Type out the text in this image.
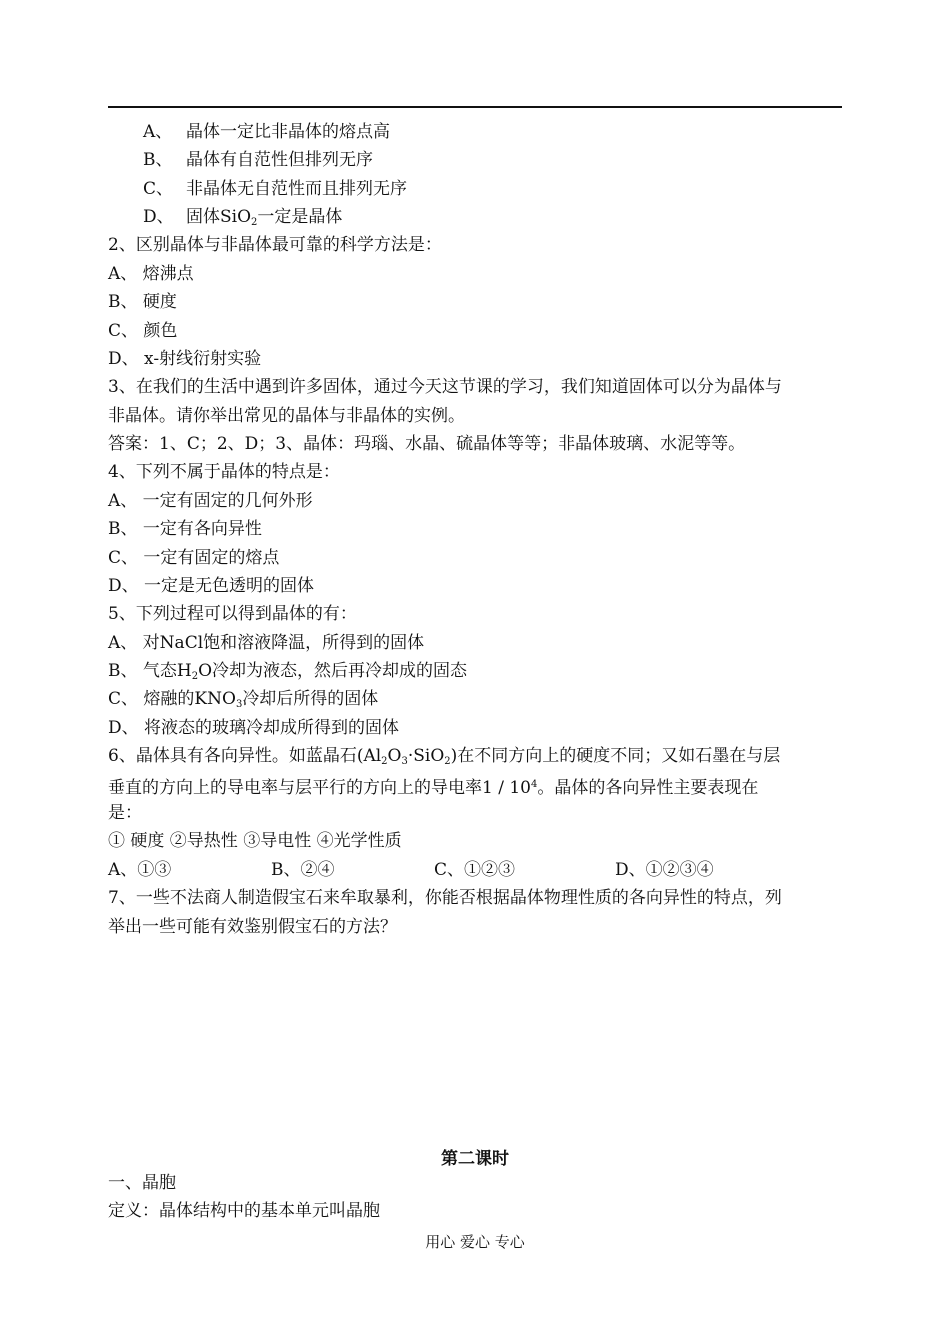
A、 晶体一定比非晶体的熔点高
B、 晶体有自范性但排列无序
C、 非晶体无自范性而且排列无序
D、 固体SiO$_2$一定是晶体
2、区别晶体与非晶体最可靠的科学方法是：
A、 熔沸点
B、 硬度
C、 颜色
D、 x-射线衍射实验
3、在我们的生活中遇到许多固体，通过今天这节课的学习，我们知道固体可以分为晶体与
非晶体。请你举出常见的晶体与非晶体的实例。
答案：1、C；2、D；3、晶体：玛瑙、水晶、硫晶体等等；非晶体玻璃、水泥等等。
4、下列不属于晶体的特点是：
A、 一定有固定的几何外形
B、 一定有各向异性
C、 一定有固定的熔点
D、 一定是无色透明的固体
5、下列过程可以得到晶体的有：
A、 对NaCl饱和溶液降温，所得到的固体
B、 气态$H_2O$冷却为液态，然后再冷却成的固态
C、 熔融的$KNO_3$冷却后所得的固体
D、 将液态的玻璃冷却成所得到的固体
6、晶体具有各向异性。如蓝晶石$(Al_2O_3\cdot SiO_2)$在不同方向上的硬度不同；又如石墨在与层
垂直的方向上的导电率与层平行的方向上的导电率$1 / 10^4$。晶体的各向异性主要表现在
是：
① 硬度 ②导热性 ③导电性 ④光学性质
A、①③	B、②④	C、①②③	D、①②③④
7、一些不法商人制造假宝石来牟取暴利，你能否根据晶体物理性质的各向异性的特点，列
举出一些可能有效鉴别假宝石的方法？
第二课时
一、晶胞
定义：晶体结构中的基本单元叫晶胞
用心 爱心 专心
